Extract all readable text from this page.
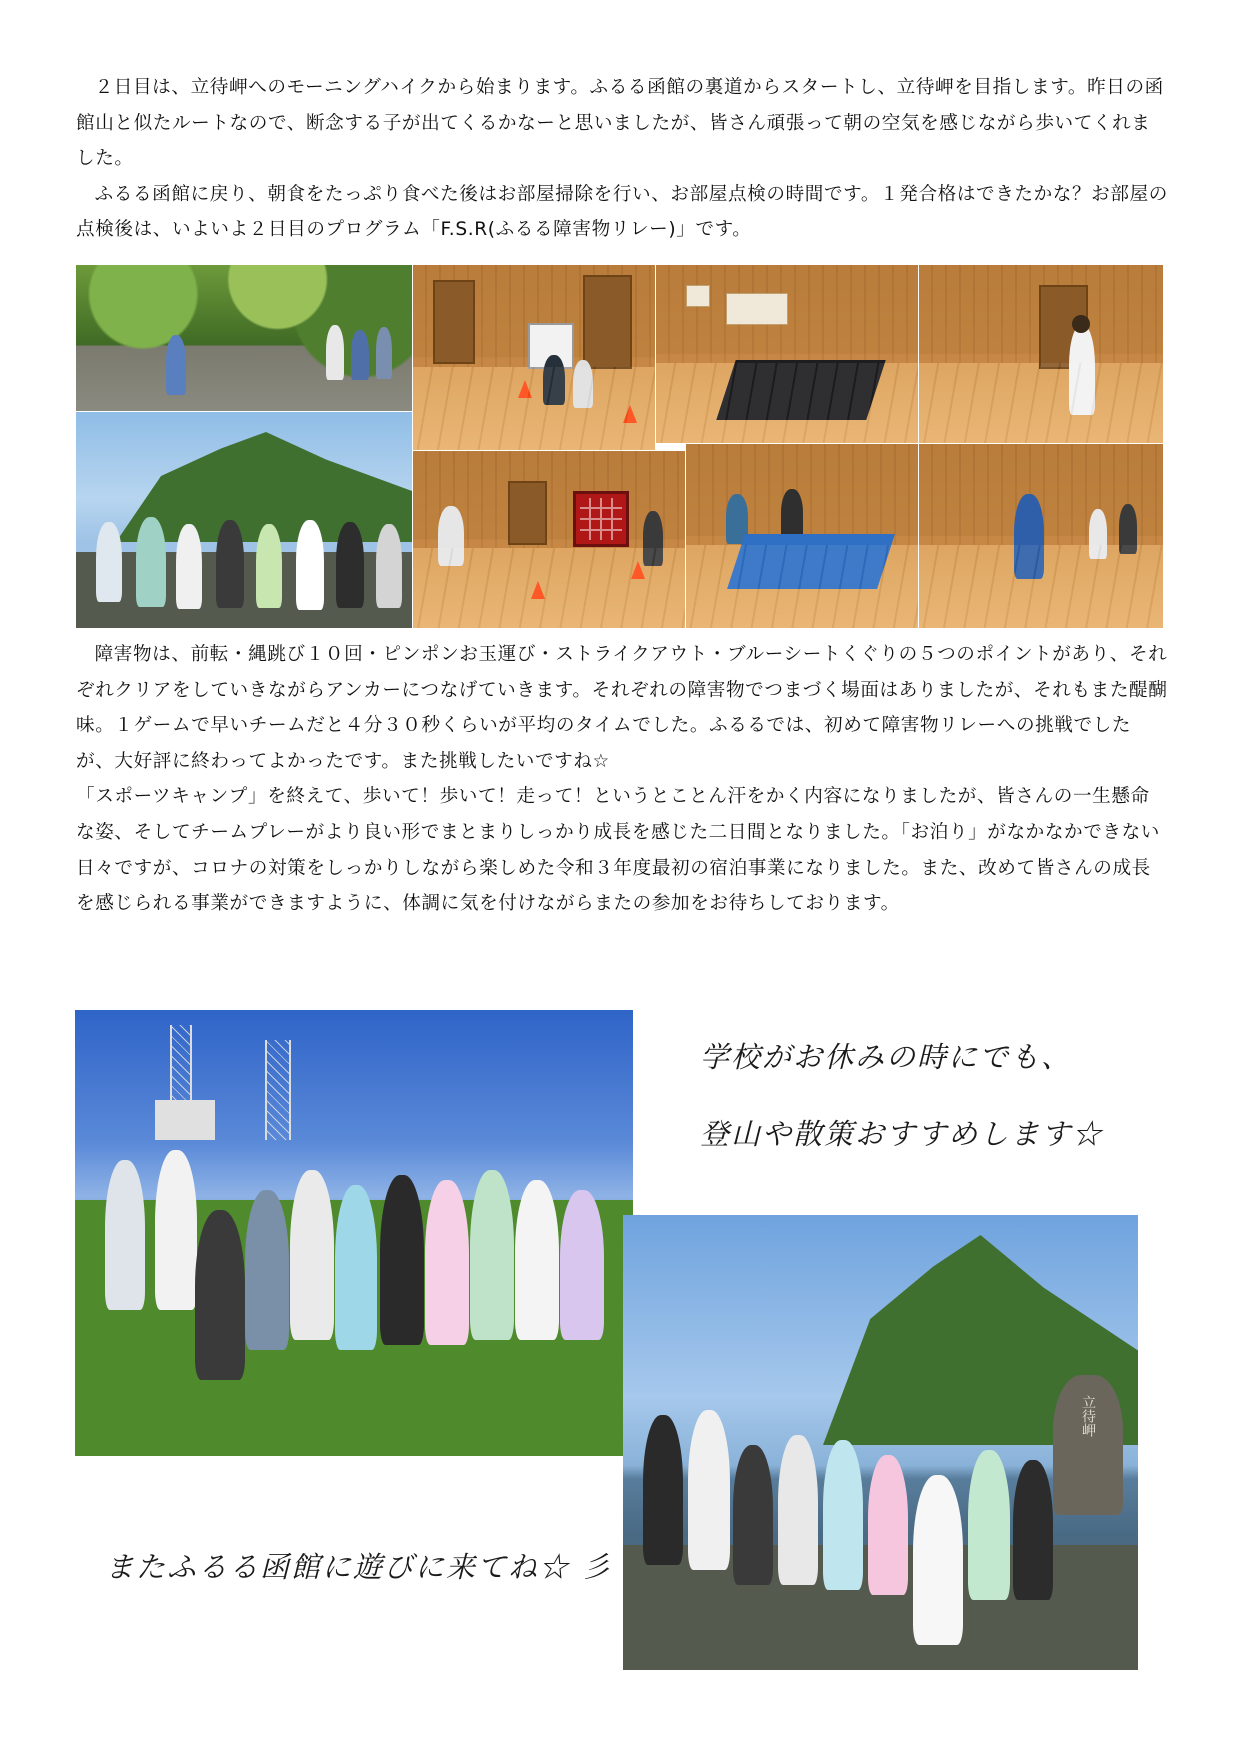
２日目は、立待岬へのモーニングハイクから始まります。ふるる函館の裏道からスタートし、立待岬を目指します。昨日の函館山と似たルートなので、断念する子が出てくるかなーと思いましたが、皆さん頑張って朝の空気を感じながら歩いてくれました。

ふるる函館に戻り、朝食をたっぷり食べた後はお部屋掃除を行い、お部屋点検の時間です。１発合格はできたかな？お部屋の点検後は、いよいよ２日目のプログラム「F.S.R(ふるる障害物リレー)」です。

障害物は、前転・縄跳び１０回・ピンポンお玉運び・ストライクアウト・ブルーシートくぐりの５つのポイントがあり、それぞれクリアをしていきながらアンカーにつなげていきます。それぞれの障害物でつまづく場面はありましたが、それもまた醍醐味。１ゲームで早いチームだと４分３０秒くらいが平均のタイムでした。ふるるでは、初めて障害物リレーへの挑戦でしたが、大好評に終わってよかったです。また挑戦したいですね☆

「スポーツキャンプ」を終えて、歩いて！歩いて！走って！というとことん汗をかく内容になりましたが、皆さんの一生懸命な姿、そしてチームプレーがより良い形でまとまりしっかり成長を感じた二日間となりました。「お泊り」がなかなかできない日々ですが、コロナの対策をしっかりしながら楽しめた令和３年度最初の宿泊事業になりました。また、改めて皆さんの成長を感じられる事業ができますように、体調に気を付けながらまたの参加をお待ちしております。

学校がお休みの時にでも、
登山や散策おすすめします☆
立待岬
またふるる函館に遊びに来てね☆ 彡
